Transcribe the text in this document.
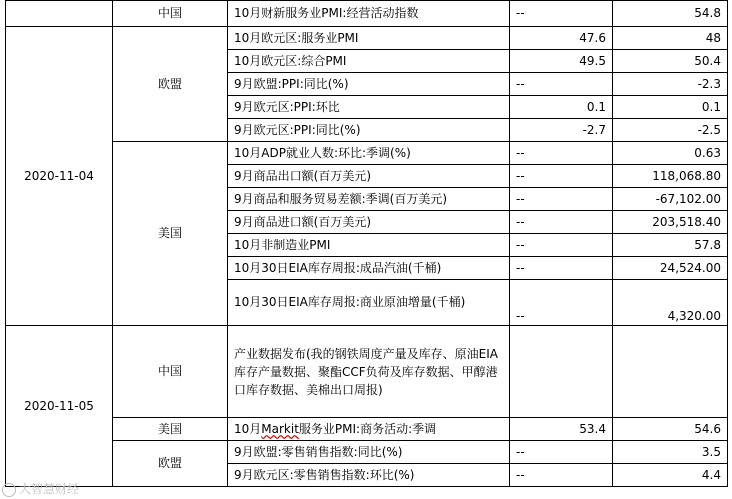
	中国	10月财新服务业PMI:经营活动指数	--	54.8
2020-11-04	欧盟	10月欧元区:服务业PMI	47.6	48
		10月欧元区:综合PMI	49.5	50.4
		9月欧盟:PPI:同比(%)	--	-2.3
		9月欧元区:PPI:环比	0.1	0.1
		9月欧元区:PPI:同比(%)	-2.7	-2.5
	美国	10月ADP就业人数:环比:季调(%)	--	0.63
		9月商品出口额(百万美元)	--	118,068.80
		9月商品和服务贸易差额:季调(百万美元)	--	-67,102.00
		9月商品进口额(百万美元)	--	203,518.40
		10月非制造业PMI	--	57.8
		10月30日EIA库存周报:成品汽油(千桶)	--	24,524.00
		10月30日EIA库存周报:商业原油增量(千桶)	--	4,320.00
2020-11-05	中国	产业数据发布(我的钢铁周度产量及库存、原油EIA库存产量数据、聚酯CCF负荷及库存数据、甲醇港口库存数据、美棉出口周报)		
	美国	10月Markit服务业PMI:商务活动:季调	53.4	54.6
	欧盟	9月欧盟:零售销售指数:同比(%)	--	3.5
		9月欧元区:零售销售指数:环比(%)	--	4.4
大智慧财经
